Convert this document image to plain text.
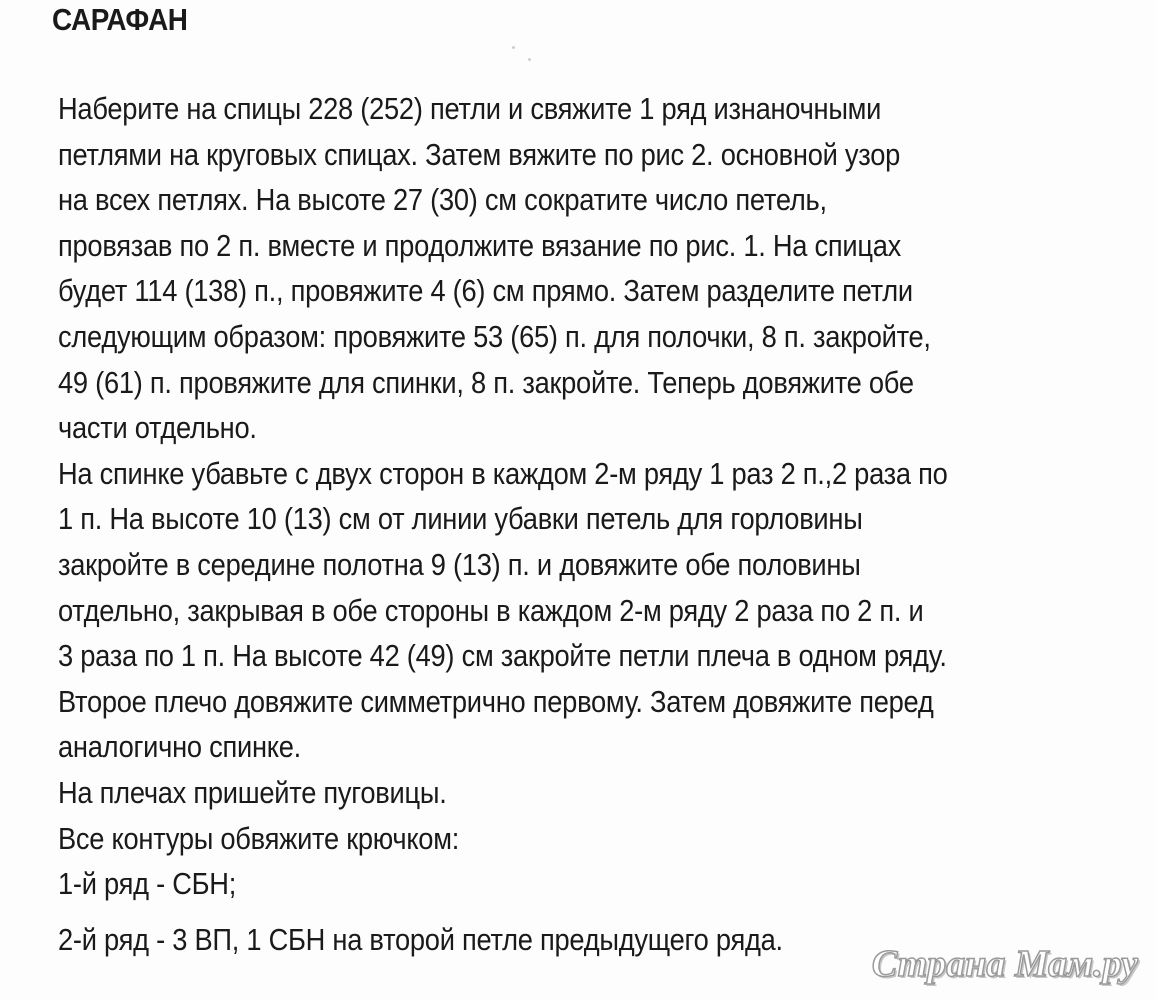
САРАФАН
Наберите на спицы 228 (252) петли и свяжите 1 ряд изнаночными
петлями на круговых спицах. Затем вяжите по рис 2. основной узор
на всех петлях. На высоте 27 (30) см сократите число петель,
провязав по 2 п. вместе и продолжите вязание по рис. 1. На спицах
будет 114 (138) п., провяжите 4 (6) см прямо. Затем разделите петли
следующим образом: провяжите 53 (65) п. для полочки, 8 п. закройте,
49 (61) п. провяжите для спинки, 8 п. закройте. Теперь довяжите обе
части отдельно.
На спинке убавьте с двух сторон в каждом 2-м ряду 1 раз 2 п.,2 раза по
1 п. На высоте 10 (13) см от линии убавки петель для горловины
закройте в середине полотна 9 (13) п. и довяжите обе половины
отдельно, закрывая в обе стороны в каждом 2-м ряду 2 раза по 2 п. и
3 раза по 1 п. На высоте 42 (49) см закройте петли плеча в одном ряду.
Второе плечо довяжите симметрично первому. Затем довяжите перед
аналогично спинке.
На плечах пришейте пуговицы.
Все контуры обвяжите крючком:
1-й ряд - СБН;
2-й ряд - 3 ВП, 1 СБН на второй петле предыдущего ряда.
Страна Мам.ру
